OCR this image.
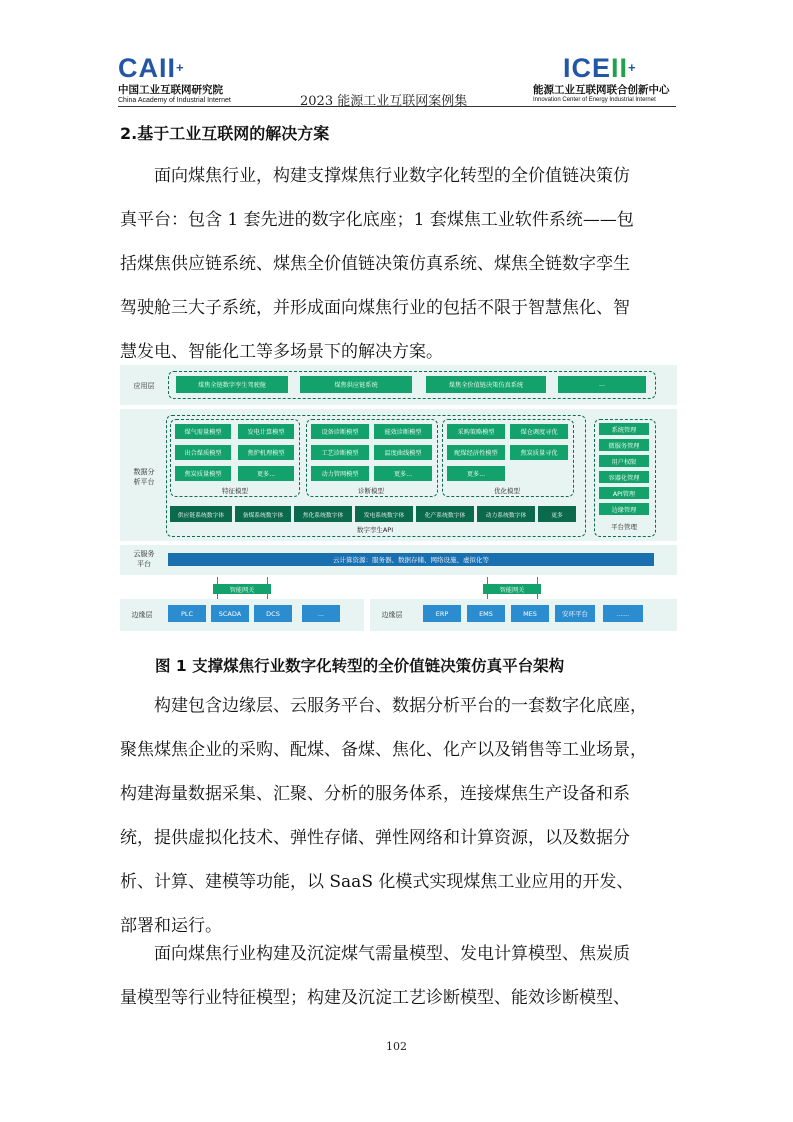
CAII+
中国工业互联网研究院
China Academy of Industrial Internet	2023 能源工业互联网案例集
ICEII+
能源工业互联网联合创新中心
Innovation Center of Energy Industrial Internet
2.基于工业互联网的解决方案
面向煤焦行业，构建支撑煤焦行业数字化转型的全价值链决策仿
真平台：包含 1 套先进的数字化底座；1 套煤焦工业软件系统——包
括煤焦供应链系统、煤焦全价值链决策仿真系统、煤焦全链数字孪生
驾驶舱三大子系统，并形成面向煤焦行业的包括不限于智慧焦化、智
慧发电、智能化工等多场景下的解决方案。
应用层	煤焦全链数字孪生驾驶舱	煤焦供应链系统	煤焦全价值链决策仿真系统	...
数据分
析平台
煤气需量模型	发电计算模型
出合煤质模型	焦炉机理模型
焦炭质量模型	更多...
特征模型
设备诊断模型	能效诊断模型
工艺诊断模型	温度曲线模型
动力管网模型	更多...
诊断模型
采购策略模型	煤仓调度寻优
配煤经济性模型	焦炭质量寻优
更多...
优化模型
供应链系统数字体	备煤系统数字体	焦化系统数字体	发电系统数字体	化产系统数字体	动力系统数字体	更多
数字孪生API
系统管理
微服务管理
用户权限
容器化管理
API管理
边缘管理
平台管理
云服务
平台	云计算资源：服务器、数据存储、网络设施、虚拟化等
智能网关	智能网关
边缘层	PLC	SCADA	DCS	...	边缘层	ERP	EMS	MES	安环平台	......
图 1 支撑煤焦行业数字化转型的全价值链决策仿真平台架构
构建包含边缘层、云服务平台、数据分析平台的一套数字化底座，
聚焦煤焦企业的采购、配煤、备煤、焦化、化产以及销售等工业场景，
构建海量数据采集、汇聚、分析的服务体系，连接煤焦生产设备和系
统，提供虚拟化技术、弹性存储、弹性网络和计算资源，以及数据分
析、计算、建模等功能，以 SaaS 化模式实现煤焦工业应用的开发、
部署和运行。
面向煤焦行业构建及沉淀煤气需量模型、发电计算模型、焦炭质
量模型等行业特征模型；构建及沉淀工艺诊断模型、能效诊断模型、
102
